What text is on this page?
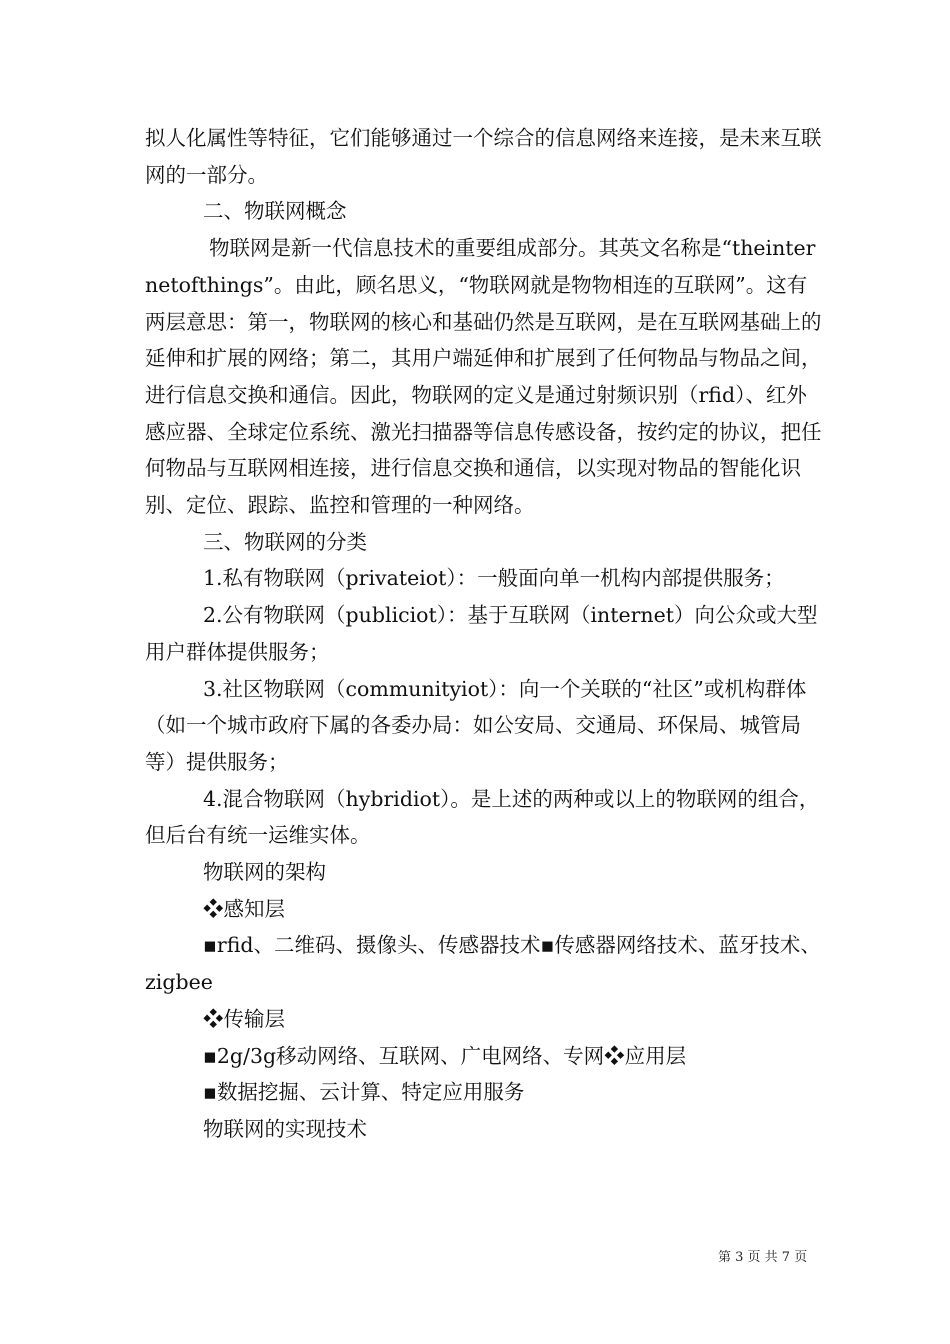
拟人化属性等特征，它们能够通过一个综合的信息网络来连接，是未来互联网的一部分。

二、物联网概念

物联网是新一代信息技术的重要组成部分。其英文名称是“theinternetofthings”。由此，顾名思义，“物联网就是物物相连的互联网”。这有两层意思：第一，物联网的核心和基础仍然是互联网，是在互联网基础上的延伸和扩展的网络；第二，其用户端延伸和扩展到了任何物品与物品之间，进行信息交换和通信。因此，物联网的定义是通过射频识别（rfid）、红外感应器、全球定位系统、激光扫描器等信息传感设备，按约定的协议，把任何物品与互联网相连接，进行信息交换和通信，以实现对物品的智能化识别、定位、跟踪、监控和管理的一种网络。

三、物联网的分类

1.私有物联网（privateiot）：一般面向单一机构内部提供服务；

2.公有物联网（publiciot）：基于互联网（internet）向公众或大型用户群体提供服务；

3.社区物联网（communityiot）：向一个关联的“社区”或机构群体（如一个城市政府下属的各委办局：如公安局、交通局、环保局、城管局等）提供服务；

4.混合物联网（hybridiot）。是上述的两种或以上的物联网的组合，但后台有统一运维实体。

物联网的架构

❖感知层

▪rfid、二维码、摄像头、传感器技术▪传感器网络技术、蓝牙技术、zigbee

❖传输层

▪2g/3g移动网络、互联网、广电网络、专网❖应用层

▪数据挖掘、云计算、特定应用服务

物联网的实现技术

第 3 页 共 7 页
